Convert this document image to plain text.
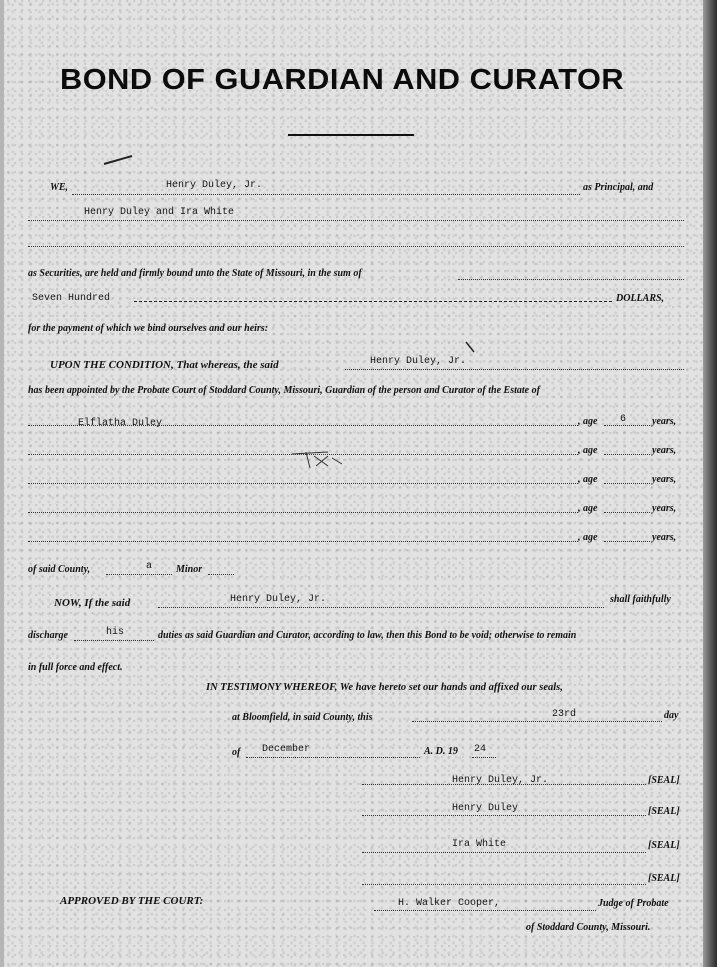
BOND OF GUARDIAN AND CURATOR
WE,	Henry Duley, Jr.	as Principal, and
Henry Duley and Ira White
as Securities, are held and firmly bound unto the State of Missouri, in the sum of
Seven Hundred	DOLLARS,
for the payment of which we bind ourselves and our heirs:
UPON THE CONDITION, That whereas, the said	Henry Duley, Jr.
has been appointed by the Probate Court of Stoddard County, Missouri, Guardian of the person and Curator of the Estate of
Elflatha Duley	, age 6	years,
, age	years,
, age	years,
, age	years,
, age	years,
of said County,	a Minor
NOW, If the said	Henry Duley, Jr.	shall faithfully
discharge	his	duties as said Guardian and Curator, according to law, then this Bond to be void; otherwise to remain
in full force and effect.
IN TESTIMONY WHEREOF, We have hereto set our hands and affixed our seals,
at Bloomfield, in said County, this	23rd	day
of December	A. D. 19 24
Henry Duley, Jr.	[SEAL]
Henry Duley	[SEAL]
Ira White	[SEAL]
[SEAL]
APPROVED BY THE COURT:	H. Walker Cooper,	Judge of Probate
of Stoddard County, Missouri.
